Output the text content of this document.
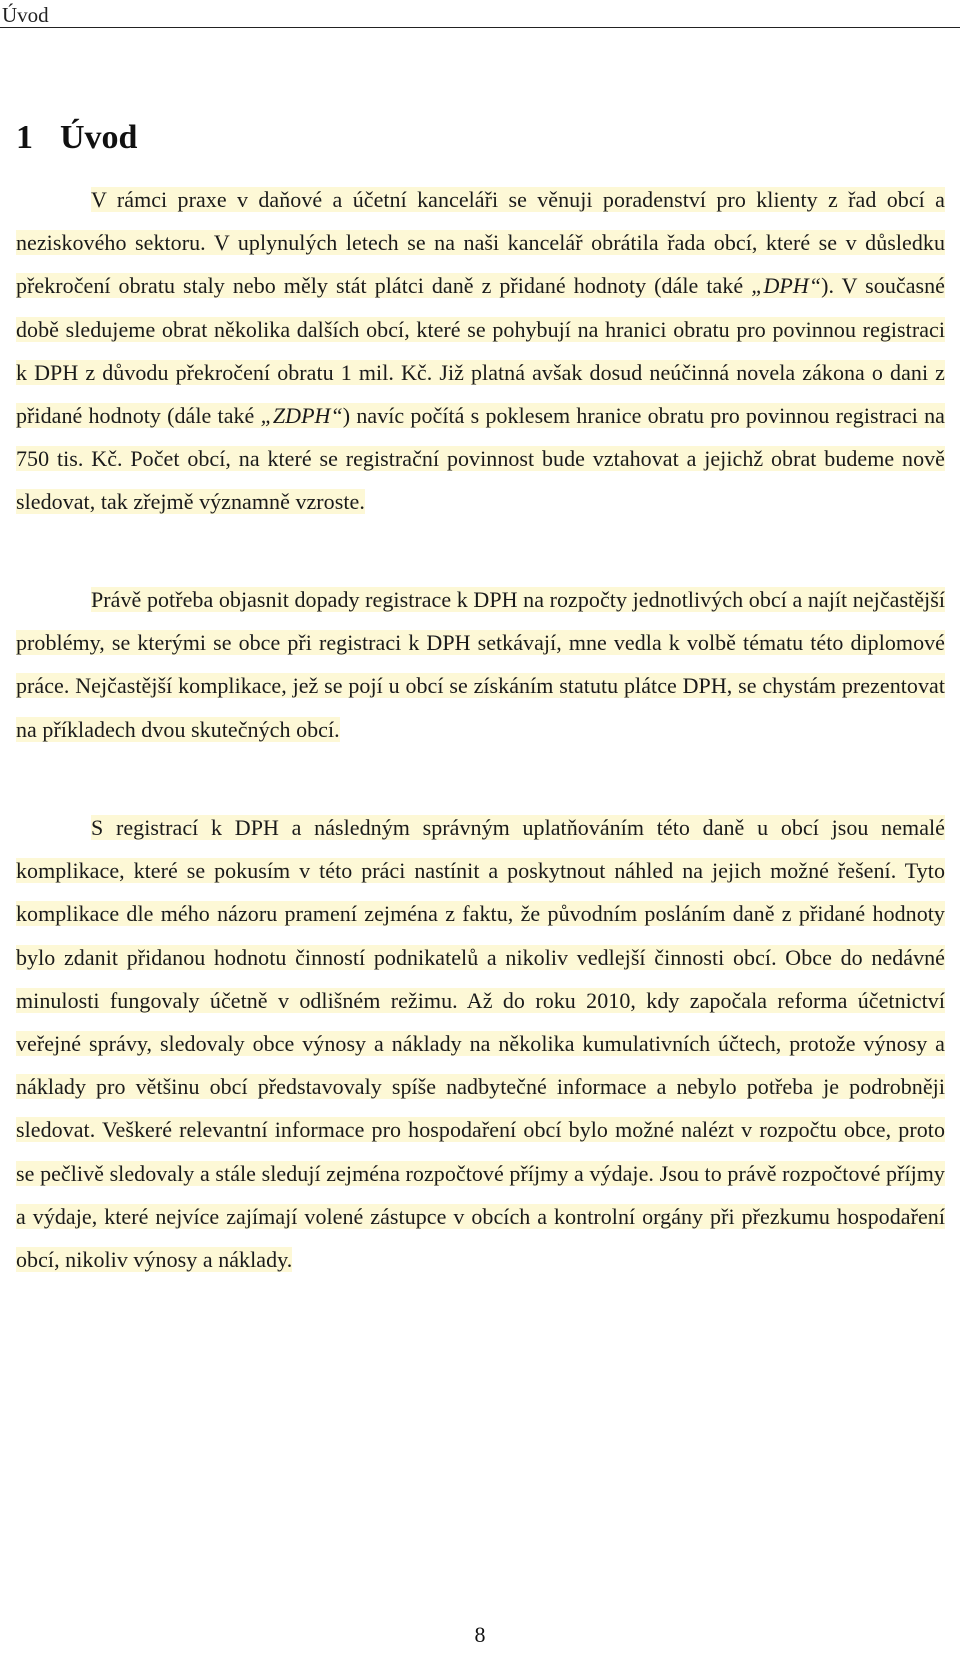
Úvod
1 Úvod

V rámci praxe v daňové a účetní kanceláři se věnuji poradenství pro klienty z řad obcí a neziskového sektoru. V uplynulých letech se na naši kancelář obrátila řada obcí, které se v důsledku překročení obratu staly nebo měly stát plátci daně z přidané hodnoty (dále také „DPH“). V současné době sledujeme obrat několika dalších obcí, které se pohybují na hranici obratu pro povinnou registraci k DPH z důvodu překročení obratu 1 mil. Kč. Již platná avšak dosud neúčinná novela zákona o dani z přidané hodnoty (dále také „ZDPH“) navíc počítá s poklesem hranice obratu pro povinnou registraci na 750 tis. Kč. Počet obcí, na které se registrační povinnost bude vztahovat a jejichž obrat budeme nově sledovat, tak zřejmě významně vzroste.

Právě potřeba objasnit dopady registrace k DPH na rozpočty jednotlivých obcí a najít nejčastější problémy, se kterými se obce při registraci k DPH setkávají, mne vedla k volbě tématu této diplomové práce. Nejčastější komplikace, jež se pojí u obcí se získáním statutu plátce DPH, se chystám prezentovat na příkladech dvou skutečných obcí.

S registrací k DPH a následným správným uplatňováním této daně u obcí jsou nemalé komplikace, které se pokusím v této práci nastínit a poskytnout náhled na jejich možné řešení. Tyto komplikace dle mého názoru pramení zejména z faktu, že původním posláním daně z přidané hodnoty bylo zdanit přidanou hodnotu činností podnikatelů a nikoliv vedlejší činnosti obcí. Obce do nedávné minulosti fungovaly účetně v odlišném režimu. Až do roku 2010, kdy započala reforma účetnictví veřejné správy, sledovaly obce výnosy a náklady na několika kumulativních účtech, protože výnosy a náklady pro většinu obcí představovaly spíše nadbytečné informace a nebylo potřeba je podrobněji sledovat. Veškeré relevantní informace pro hospodaření obcí bylo možné nalézt v rozpočtu obce, proto se pečlivě sledovaly a stále sledují zejména rozpočtové příjmy a výdaje. Jsou to právě rozpočtové příjmy a výdaje, které nejvíce zajímají volené zástupce v obcích a kontrolní orgány při přezkumu hospodaření obcí, nikoliv výnosy a náklady.

8
